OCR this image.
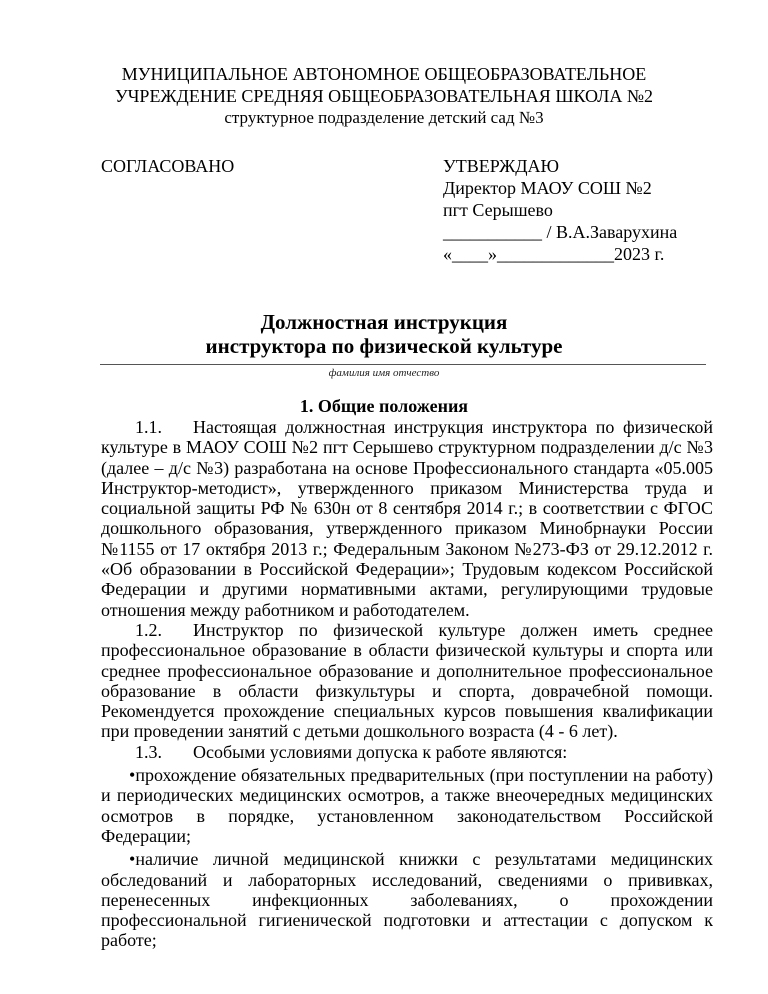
МУНИЦИПАЛЬНОЕ АВТОНОМНОЕ ОБЩЕОБРАЗОВАТЕЛЬНОЕ
УЧРЕЖДЕНИЕ СРЕДНЯЯ ОБЩЕОБРАЗОВАТЕЛЬНАЯ ШКОЛА №2
структурное подразделение детский сад №3
СОГЛАСОВАНО	УТВЕРЖДАЮ
Директор МАОУ СОШ №2
пгт Серышево
___________ / В.А.Заварухина
«____»_____________2023 г.
Должностная инструкция
инструктора по физической культуре
фамилия имя отчество
1. Общие положения

1.1. Настоящая должностная инструкция инструктора по физической культуре в МАОУ СОШ №2 пгт Серышево структурном подразделении д/с №3 (далее – д/с №3) разработана на основе Профессионального стандарта «05.005 Инструктор-методист», утвержденного приказом Министерства труда и социальной защиты РФ № 630н от 8 сентября 2014 г.; в соответствии с ФГОС дошкольного образования, утвержденного приказом Минобрнауки России №1155 от 17 октября 2013 г.; Федеральным Законом №273-ФЗ от 29.12.2012 г. «Об образовании в Российской Федерации»; Трудовым кодексом Российской Федерации и другими нормативными актами, регулирующими трудовые отношения между работником и работодателем.

1.2. Инструктор по физической культуре должен иметь среднее профессиональное образование в области физической культуры и спорта или среднее профессиональное образование и дополнительное профессиональное образование в области физкультуры и спорта, доврачебной помощи. Рекомендуется прохождение специальных курсов повышения квалификации при проведении занятий с детьми дошкольного возраста (4 - 6 лет).

1.3. Особыми условиями допуска к работе являются:

•прохождение обязательных предварительных (при поступлении на работу) и периодических медицинских осмотров, а также внеочередных медицинских осмотров в порядке, установленном законодательством Российской Федерации;

•наличие личной медицинской книжки с результатами медицинских обследований и лабораторных исследований, сведениями о прививках, перенесенных инфекционных заболеваниях, о прохождении профессиональной гигиенической подготовки и аттестации с допуском к работе;
